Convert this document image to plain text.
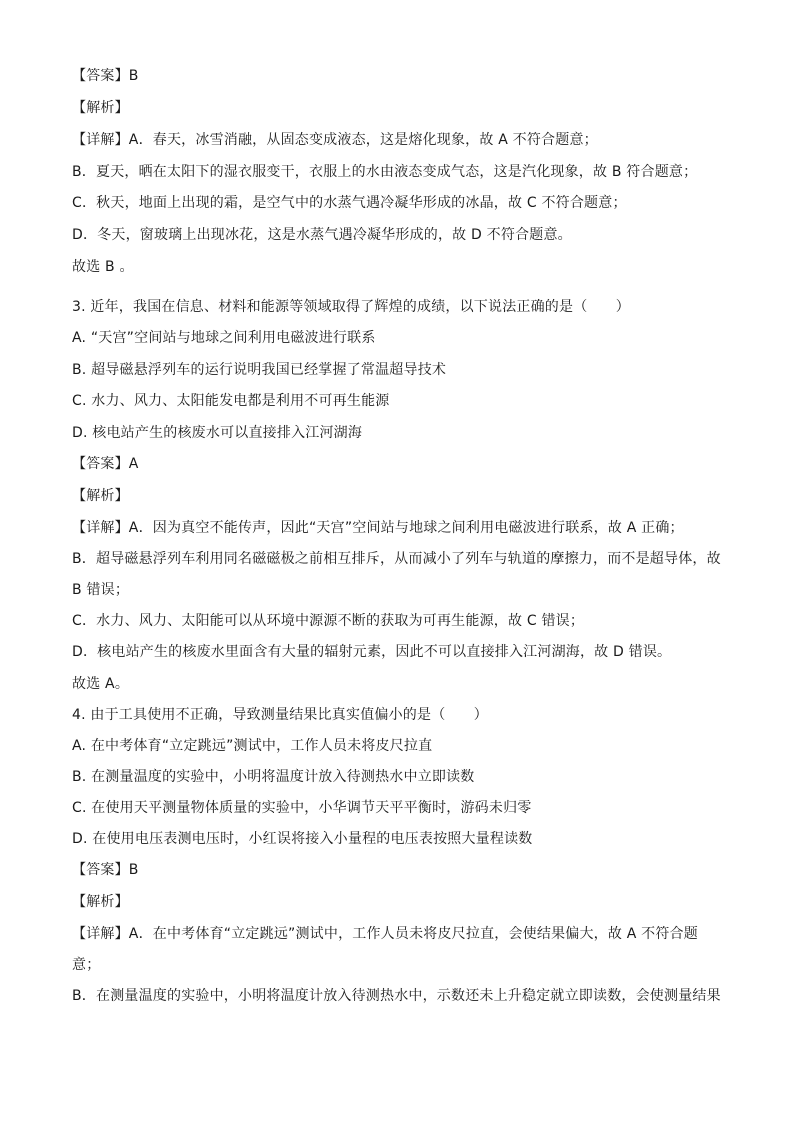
【答案】B
【解析】
【详解】A．春天，冰雪消融，从固态变成液态，这是熔化现象，故 A 不符合题意；
B．夏天，晒在太阳下的湿衣服变干，衣服上的水由液态变成气态，这是汽化现象，故 B 符合题意；
C．秋天，地面上出现的霜，是空气中的水蒸气遇冷凝华形成的冰晶，故 C 不符合题意；
D．冬天，窗玻璃上出现冰花，这是水蒸气遇冷凝华形成的，故 D 不符合题意。
故选 B 。
3. 近年，我国在信息、材料和能源等领域取得了辉煌的成绩，以下说法正确的是（　　）
A. “天宫”空间站与地球之间利用电磁波进行联系
B. 超导磁悬浮列车的运行说明我国已经掌握了常温超导技术
C. 水力、风力、太阳能发电都是利用不可再生能源
D. 核电站产生的核废水可以直接排入江河湖海
【答案】A
【解析】
【详解】A．因为真空不能传声，因此“天宫”空间站与地球之间利用电磁波进行联系，故 A 正确；
B．超导磁悬浮列车利用同名磁磁极之前相互排斥，从而减小了列车与轨道的摩擦力，而不是超导体，故
B 错误；
C．水力、风力、太阳能可以从环境中源源不断的获取为可再生能源，故 C 错误；
D．核电站产生的核废水里面含有大量的辐射元素，因此不可以直接排入江河湖海，故 D 错误。
故选 A。
4. 由于工具使用不正确，导致测量结果比真实值偏小的是（　　）
A. 在中考体育“立定跳远”测试中，工作人员未将皮尺拉直
B. 在测量温度的实验中，小明将温度计放入待测热水中立即读数
C. 在使用天平测量物体质量的实验中，小华调节天平平衡时，游码未归零
D. 在使用电压表测电压时，小红误将接入小量程的电压表按照大量程读数
【答案】B
【解析】
【详解】A．在中考体育“立定跳远”测试中，工作人员未将皮尺拉直，会使结果偏大，故 A 不符合题
意；
B．在测量温度的实验中，小明将温度计放入待测热水中，示数还未上升稳定就立即读数，会使测量结果
